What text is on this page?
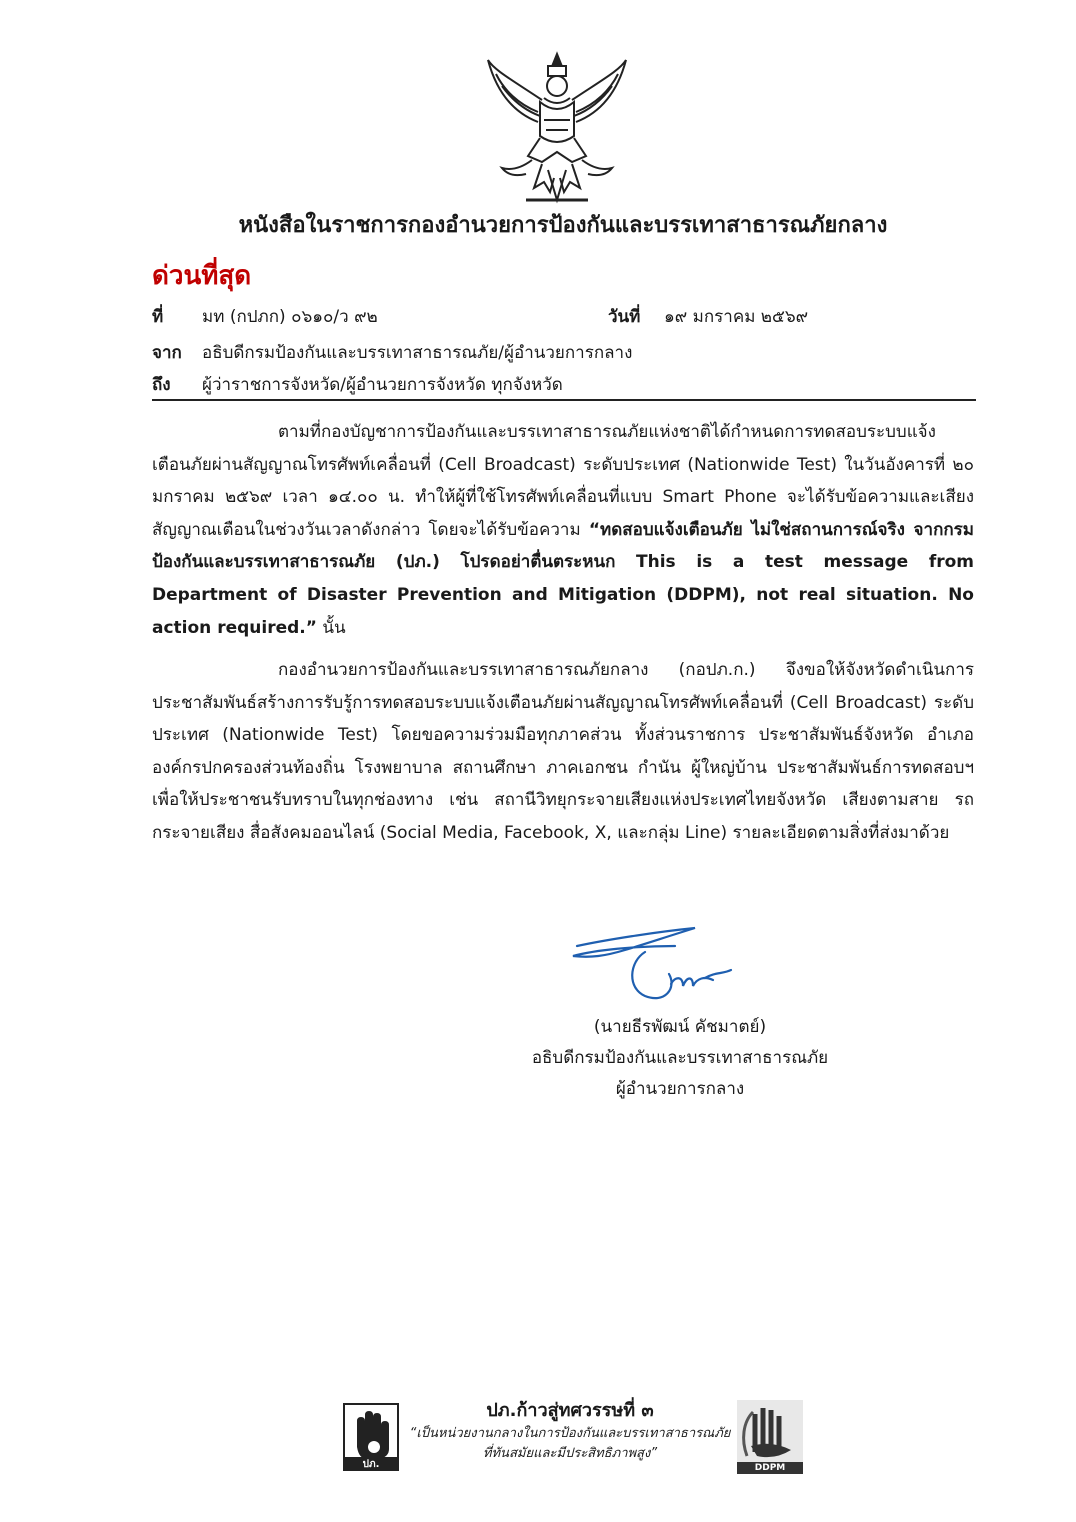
หนังสือในราชการกองอำนวยการป้องกันและบรรเทาสาธารณภัยกลาง
ด่วนที่สุด
ที่ มท (กปภก) ๐๖๑๐/ว ๙๒	วันที่ ๑๙ มกราคม ๒๕๖๙
จาก อธิบดีกรมป้องกันและบรรเทาสาธารณภัย/ผู้อำนวยการกลาง
ถึง ผู้ว่าราชการจังหวัด/ผู้อำนวยการจังหวัด ทุกจังหวัด

ตามที่กองบัญชาการป้องกันและบรรเทาสาธารณภัยแห่งชาติได้กำหนดการทดสอบระบบแจ้งเตือนภัยผ่านสัญญาณโทรศัพท์เคลื่อนที่ (Cell Broadcast) ระดับประเทศ (Nationwide Test) ในวันอังคารที่ ๒๐ มกราคม ๒๕๖๙ เวลา ๑๔.๐๐ น. ทำให้ผู้ที่ใช้โทรศัพท์เคลื่อนที่แบบ Smart Phone จะได้รับข้อความและเสียงสัญญาณเตือนในช่วงวันเวลาดังกล่าว โดยจะได้รับข้อความ “ทดสอบแจ้งเตือนภัย ไม่ใช่สถานการณ์จริง จากกรมป้องกันและบรรเทาสาธารณภัย (ปภ.) โปรดอย่าตื่นตระหนก This is a test message from Department of Disaster Prevention and Mitigation (DDPM), not real situation. No action required.” นั้น

กองอำนวยการป้องกันและบรรเทาสาธารณภัยกลาง (กอปภ.ก.) จึงขอให้จังหวัดดำเนินการประชาสัมพันธ์สร้างการรับรู้การทดสอบระบบแจ้งเตือนภัยผ่านสัญญาณโทรศัพท์เคลื่อนที่ (Cell Broadcast) ระดับประเทศ (Nationwide Test) โดยขอความร่วมมือทุกภาคส่วน ทั้งส่วนราชการ ประชาสัมพันธ์จังหวัด อำเภอ องค์กรปกครองส่วนท้องถิ่น โรงพยาบาล สถานศึกษา ภาคเอกชน กำนัน ผู้ใหญ่บ้าน ประชาสัมพันธ์การทดสอบฯ เพื่อให้ประชาชนรับทราบในทุกช่องทาง เช่น สถานีวิทยุกระจายเสียงแห่งประเทศไทยจังหวัด เสียงตามสาย รถกระจายเสียง สื่อสังคมออนไลน์ (Social Media, Facebook, X, และกลุ่ม Line) รายละเอียดตามสิ่งที่ส่งมาด้วย

(นายธีรพัฒน์ คัชมาตย์)
อธิบดีกรมป้องกันและบรรเทาสาธารณภัย
ผู้อำนวยการกลาง
ปภ.
ปภ.ก้าวสู่ทศวรรษที่ ๓
“เป็นหน่วยงานกลางในการป้องกันและบรรเทาสาธารณภัย
ที่ทันสมัยและมีประสิทธิภาพสูง”
DDPM
